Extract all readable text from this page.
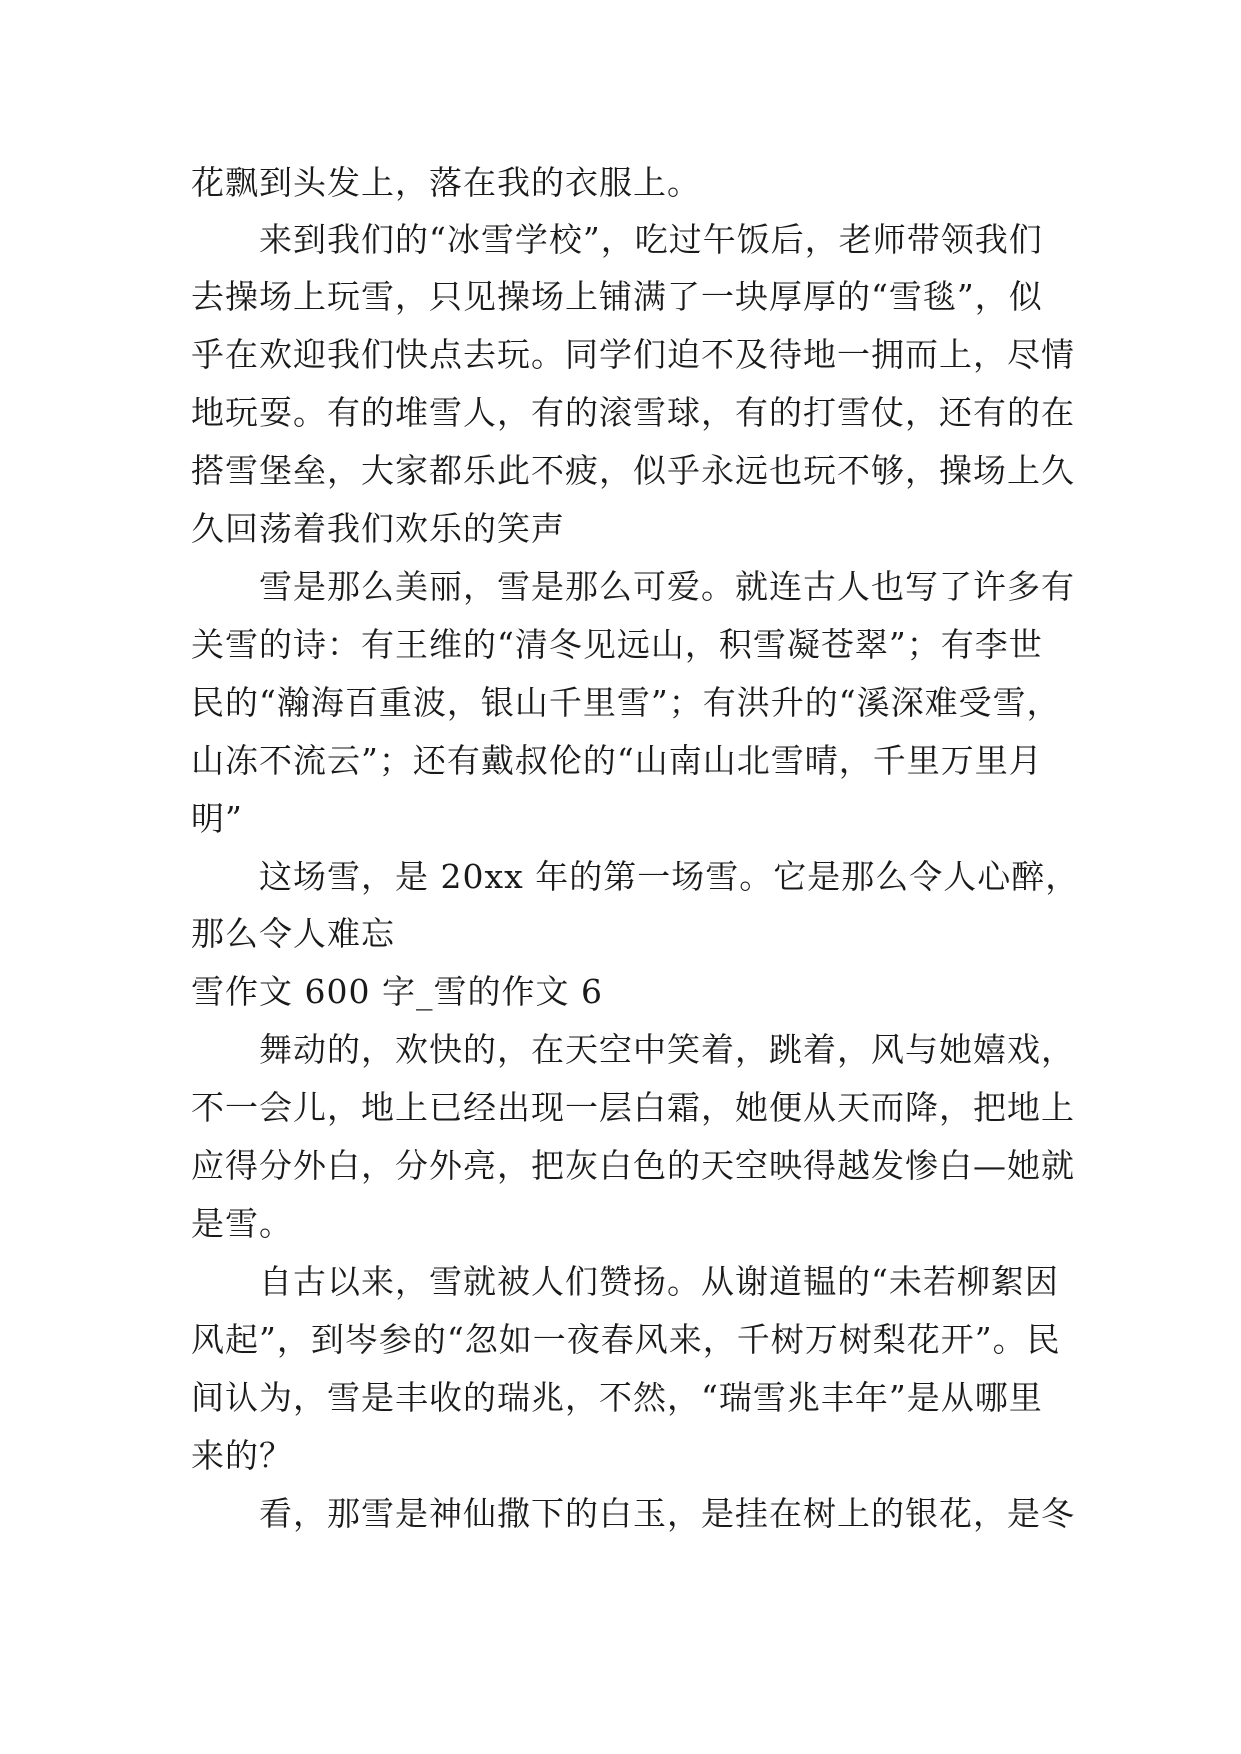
花飘到头发上，落在我的衣服上。
　　来到我们的“冰雪学校”，吃过午饭后，老师带领我们
去操场上玩雪，只见操场上铺满了一块厚厚的“雪毯”，似
乎在欢迎我们快点去玩。同学们迫不及待地一拥而上，尽情
地玩耍。有的堆雪人，有的滚雪球，有的打雪仗，还有的在
搭雪堡垒，大家都乐此不疲，似乎永远也玩不够，操场上久
久回荡着我们欢乐的笑声
　　雪是那么美丽，雪是那么可爱。就连古人也写了许多有
关雪的诗：有王维的“清冬见远山，积雪凝苍翠”；有李世
民的“瀚海百重波，银山千里雪”；有洪升的“溪深难受雪，
山冻不流云”；还有戴叔伦的“山南山北雪晴，千里万里月
明”
　　这场雪，是 20xx 年的第一场雪。它是那么令人心醉，
那么令人难忘
雪作文 600 字_雪的作文 6
　　舞动的，欢快的，在天空中笑着，跳着，风与她嬉戏，
不一会儿，地上已经出现一层白霜，她便从天而降，把地上
应得分外白，分外亮，把灰白色的天空映得越发惨白—她就
是雪。
　　自古以来，雪就被人们赞扬。从谢道韫的“未若柳絮因
风起”，到岑参的“忽如一夜春风来，千树万树梨花开”。民
间认为，雪是丰收的瑞兆，不然，“瑞雪兆丰年”是从哪里
来的？
　　看，那雪是神仙撒下的白玉，是挂在树上的银花，是冬
